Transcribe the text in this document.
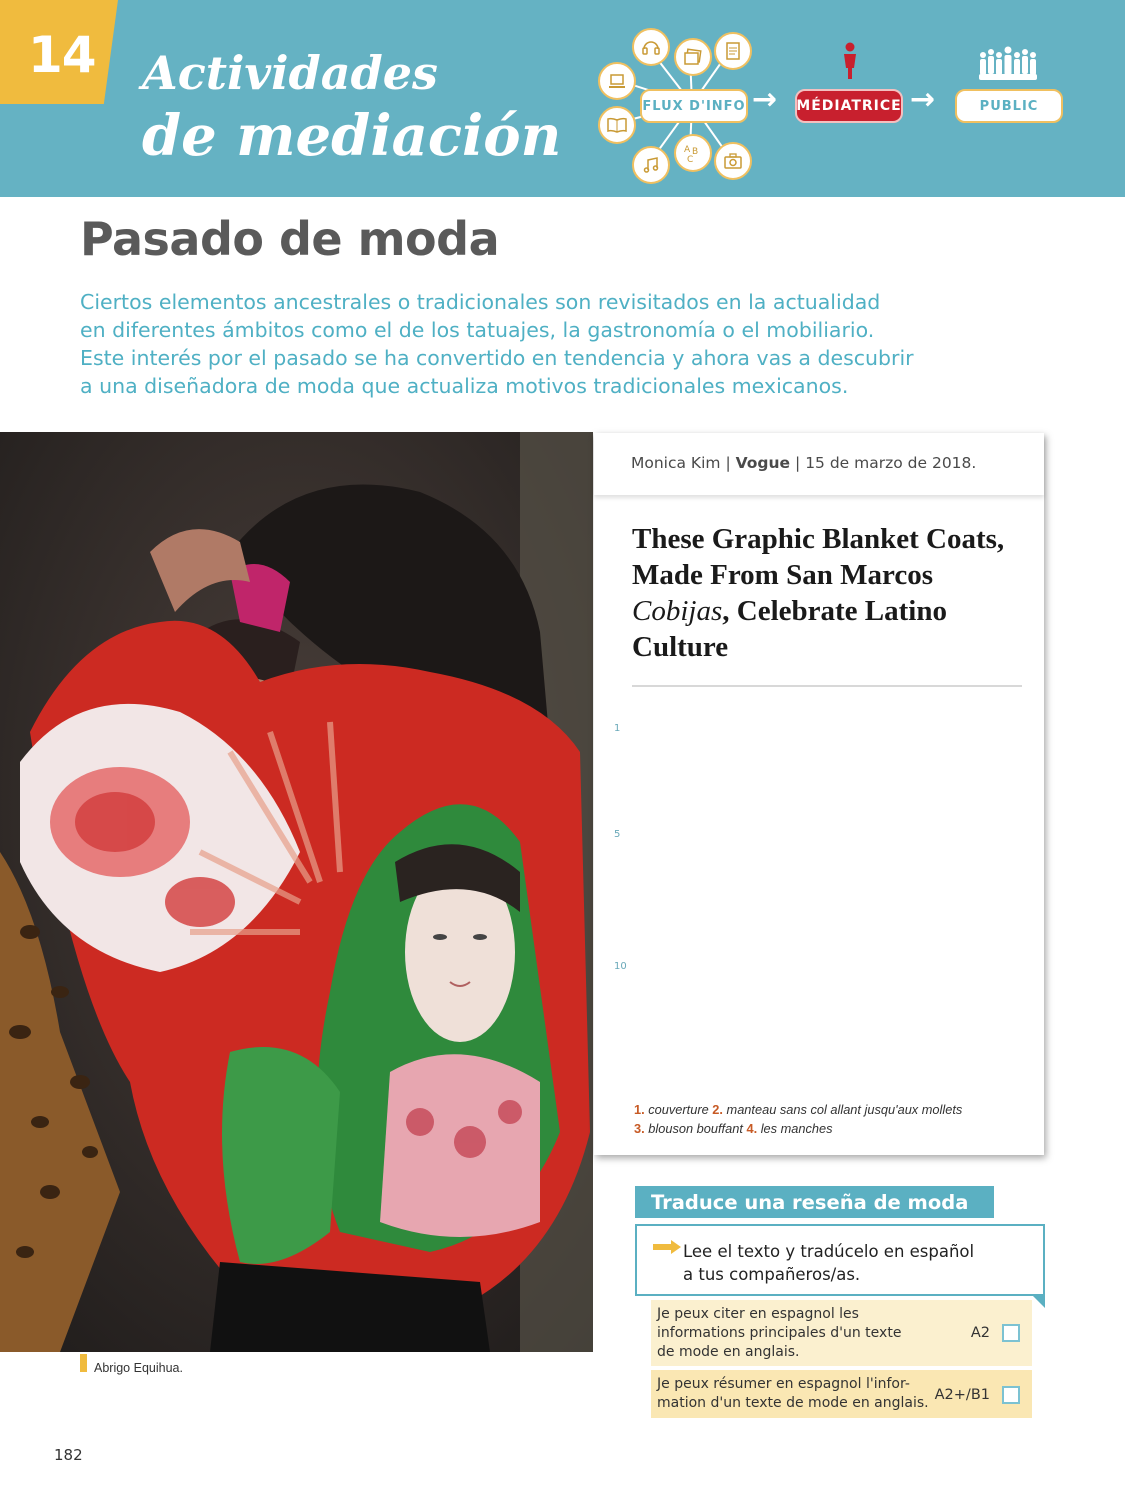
14 Actividades
de mediación	A B
C
FLUX D'INFO → MÉDIATRICE →	PUBLIC
Pasado de moda
Ciertos elementos ancestrales o tradicionales son revisitados en la actualidad
en diferentes ámbitos como el de los tatuajes, la gastronomía o el mobiliario.
Este interés por el pasado se ha convertido en tendencia y ahora vas a descubrir
a una diseñadora de moda que actualiza motivos tradicionales mexicanos.
Abrigo Equihua.
Monica Kim | Vogue | 15 de marzo de 2018.
These Graphic Blanket Coats, Made From San Marcos Cobijas, Celebrate Latino Culture
1
5
10
1. couverture 2. manteau sans col allant jusqu'aux mollets
3. blouson bouffant 4. les manches
Traduce una reseña de moda
Lee el texto y tradúcelo en español
a tus compañeros/as.
Je peux citer en espagnol les
informations principales d'un texte
de mode en anglais.
A2
Je peux résumer en espagnol l'infor-
mation d'un texte de mode en anglais. A2+/B1
182
